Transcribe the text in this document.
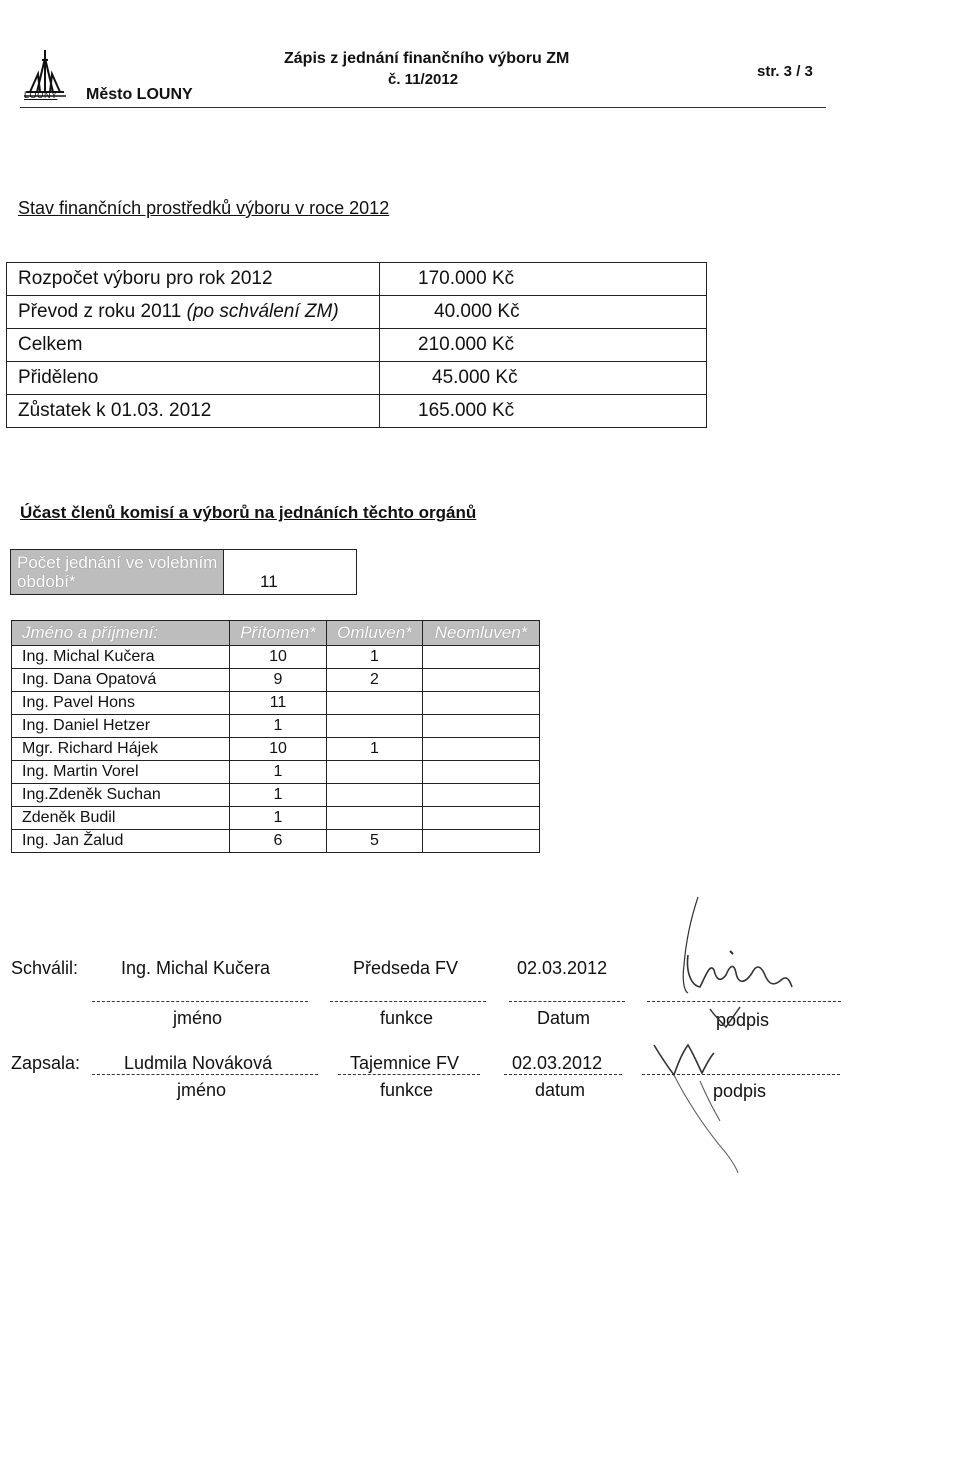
LOUNY Město LOUNY
Zápis z jednání finančního výboru ZM
č. 11/2012	str. 3 / 3
Stav finančních prostředků výboru v roce 2012
Rozpočet výboru pro rok 2012	170.000 Kč
Převod z roku 2011 (po schválení ZM)	40.000 Kč
Celkem	210.000 Kč
Přiděleno	45.000 Kč
Zůstatek k 01.03. 2012	165.000 Kč
Účast členů komisí a výborů na jednáních těchto orgánů
Počet jednání ve volebním období*	11
Jméno a příjmení:	Přítomen*	Omluven*	Neomluven*
Ing. Michal Kučera	10	1	
Ing. Dana Opatová	9	2	
Ing. Pavel Hons	11		
Ing. Daniel Hetzer	1		
Mgr. Richard Hájek	10	1	
Ing. Martin Vorel	1		
Ing.Zdeněk Suchan	1		
Zdeněk Budil	1		
Ing. Jan Žalud	6	5	
Schválil: Ing. Michal Kučera	Předseda FV	02.03.2012
jméno	funkce	Datum	podpis
Zapsala: Ludmila Nováková	Tajemnice FV	02.03.2012
jméno	funkce	datum	podpis
